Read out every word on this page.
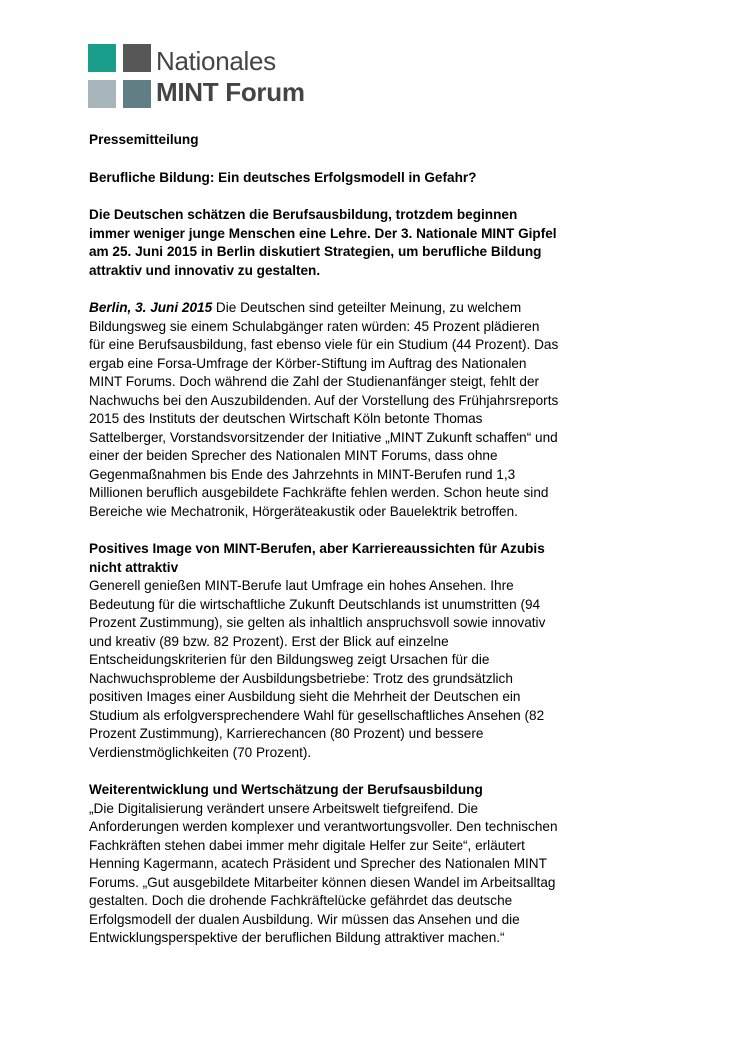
Nationales
MINT Forum

Pressemitteilung

Berufliche Bildung: Ein deutsches Erfolgsmodell in Gefahr?

Die Deutschen schätzen die Berufsausbildung, trotzdem beginnen immer weniger junge Menschen eine Lehre. Der 3. Nationale MINT Gipfel am 25. Juni 2015 in Berlin diskutiert Strategien, um berufliche Bildung attraktiv und innovativ zu gestalten.

Berlin, 3. Juni 2015 Die Deutschen sind geteilter Meinung, zu welchem Bildungsweg sie einem Schulabgänger raten würden: 45 Prozent plädieren für eine Berufsausbildung, fast ebenso viele für ein Studium (44 Prozent). Das ergab eine Forsa-Umfrage der Körber-Stiftung im Auftrag des Nationalen MINT Forums. Doch während die Zahl der Studienanfänger steigt, fehlt der Nachwuchs bei den Auszubildenden. Auf der Vorstellung des Frühjahrsreports 2015 des Instituts der deutschen Wirtschaft Köln betonte Thomas Sattelberger, Vorstandsvorsitzender der Initiative „MINT Zukunft schaffen“ und einer der beiden Sprecher des Nationalen MINT Forums, dass ohne Gegenmaßnahmen bis Ende des Jahrzehnts in MINT-Berufen rund 1,3 Millionen beruflich ausgebildete Fachkräfte fehlen werden. Schon heute sind Bereiche wie Mechatronik, Hörgeräteakustik oder Bauelektrik betroffen.

Positives Image von MINT-Berufen, aber Karriereaussichten für Azubis nicht attraktiv

Generell genießen MINT-Berufe laut Umfrage ein hohes Ansehen. Ihre Bedeutung für die wirtschaftliche Zukunft Deutschlands ist unumstritten (94 Prozent Zustimmung), sie gelten als inhaltlich anspruchsvoll sowie innovativ und kreativ (89 bzw. 82 Prozent). Erst der Blick auf einzelne Entscheidungskriterien für den Bildungsweg zeigt Ursachen für die Nachwuchsprobleme der Ausbildungsbetriebe: Trotz des grundsätzlich positiven Images einer Ausbildung sieht die Mehrheit der Deutschen ein Studium als erfolgversprechendere Wahl für gesellschaftliches Ansehen (82 Prozent Zustimmung), Karrierechancen (80 Prozent) und bessere Verdienstmöglichkeiten (70 Prozent).

Weiterentwicklung und Wertschätzung der Berufsausbildung

„Die Digitalisierung verändert unsere Arbeitswelt tiefgreifend. Die Anforderungen werden komplexer und verantwortungsvoller. Den technischen Fachkräften stehen dabei immer mehr digitale Helfer zur Seite“, erläutert Henning Kagermann, acatech Präsident und Sprecher des Nationalen MINT Forums. „Gut ausgebildete Mitarbeiter können diesen Wandel im Arbeitsalltag gestalten. Doch die drohende Fachkräftelücke gefährdet das deutsche Erfolgsmodell der dualen Ausbildung. Wir müssen das Ansehen und die Entwicklungsperspektive der beruflichen Bildung attraktiver machen.“
